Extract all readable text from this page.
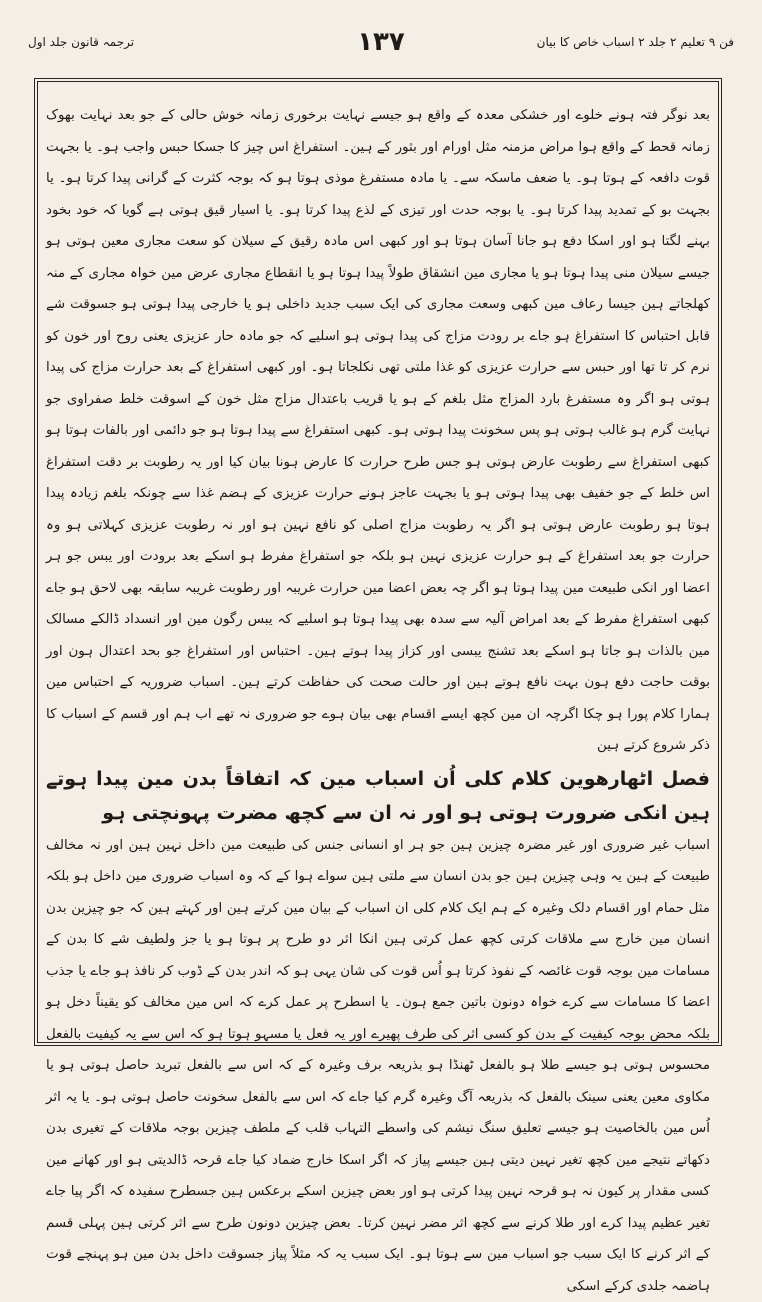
ترجمہ قانون جلد اول	۱۳۷	فن ۹ تعلیم ۲ جلد ۲ اسباب خاص کا بیان

بعد نوگر فتہ ہونے خلوے اور خشکی معدہ کے واقع ہو جیسے نہایت برخوری زمانہ خوش حالی کے جو بعد نہایت بھوک زمانہ قحط کے واقع ہوا مراض مزمنہ مثل اورام اور بثور کے ہین۔ استفراغ اس چیز کا جسکا حبس واجب ہو۔ یا بجہت قوت دافعہ کے ہوتا ہو۔ یا ضعف ماسکہ سے۔ یا مادہ مستفرغ موذی ہوتا ہو کہ بوجہ کثرت کے گرانی پیدا کرتا ہو۔ یا بجہت بو کے تمدید پیدا کرتا ہو۔ یا بوجہ حدت اور تیزی کے لذع پیدا کرتا ہو۔ یا اسیار قیق ہوتی ہے گویا کہ خود بخود بہنے لگتا ہو اور اسکا دفع ہو جانا آسان ہوتا ہو اور کبھی اس مادہ رقیق کے سیلان کو سعت مجاری معین ہوتی ہو جیسے سیلان منی پیدا ہوتا ہو یا مجاری مین انشقاق طولاً پیدا ہوتا ہو یا انقطاع مجاری عرض مین خواہ مجاری کے منہ کھلجاتے ہین جیسا رعاف مین کبھی وسعت مجاری کی ایک سبب جدید داخلی ہو یا خارجی پیدا ہوتی ہو جسوقت شے قابل احتباس کا استفراغ ہو جاے بر رودت مزاج کی پیدا ہوتی ہو اسلیے کہ جو مادہ حار عزیزی یعنی روح اور خون کو نرم کر تا تھا اور حبس سے حرارت عزیزی کو غذا ملتی تھی نکلجاتا ہو۔ اور کبھی استفراغ کے بعد حرارت مزاج کی پیدا ہوتی ہو اگر وہ مستفرغ بارد المزاج مثل بلغم کے ہو یا قریب باعتدال مزاج مثل خون کے اسوقت خلط صفراوی جو نہایت گرم ہو غالب ہوتی ہو پس سخونت پیدا ہوتی ہو۔ کبھی استفراغ سے پیدا ہوتا ہو جو دائمی اور بالفات ہوتا ہو کبھی استفراغ سے رطوبت عارض ہوتی ہو جس طرح حرارت کا عارض ہونا بیان کیا اور یہ رطوبت بر دقت استفراغ اس خلط کے جو خفیف بھی پیدا ہوتی ہو یا بجہت عاجز ہونے حرارت عزیزی کے ہضم غذا سے چونکہ بلغم زیادہ پیدا ہوتا ہو رطوبت عارض ہوتی ہو اگر یہ رطوبت مزاج اصلی کو نافع نہین ہو اور نہ رطوبت عزیزی کہلاتی ہو وہ حرارت جو بعد استفراغ کے ہو حرارت عزیزی نہین ہو بلکہ جو استفراغ مفرط ہو اسکے بعد برودت اور یبس جو ہر اعضا اور انکی طبیعت مین پیدا ہوتا ہو اگر چہ بعض اعضا مین حرارت غریبہ اور رطوبت غریبہ سابقہ بھی لاحق ہو جاے کبھی استفراغ مفرط کے بعد امراض آلیہ سے سدہ بھی پیدا ہوتا ہو اسلیے کہ یبس رگون مین اور انسداد ڈالکے مسالک مین بالذات ہو جاتا ہو اسکے بعد تشنج یبسی اور کزاز پیدا ہوتے ہین۔ احتباس اور استفراغ جو بحد اعتدال ہون اور بوقت حاجت دفع ہون بہت نافع ہوتے ہین اور حالت صحت کی حفاظت کرتے ہین۔ اسباب ضروریہ کے احتباس مین ہمارا کلام پورا ہو چکا اگرچہ ان مین کچھ ایسے اقسام بھی بیان ہوے جو ضروری نہ تھے اب ہم اور قسم کے اسباب کا ذکر شروع کرتے ہین

فصل اٹھارھوین کلام کلی اُن اسباب مین کہ اتفاقاً بدن مین پیدا ہوتے ہین انکی ضرورت ہوتی ہو اور نہ ان سے کچھ مضرت پہونچتی ہو

اسباب غیر ضروری اور غیر مضرہ چیزین ہین جو ہر او انسانی جنس کی طبیعت مین داخل نہین ہین اور نہ مخالف طبیعت کے ہین یہ وہی چیزین ہین جو بدن انسان سے ملتی ہین سواے ہوا کے کہ وہ اسباب ضروری مین داخل ہو بلکہ مثل حمام اور اقسام دلک وغیرہ کے ہم ایک کلام کلی ان اسباب کے بیان مین کرتے ہین اور کہتے ہین کہ جو چیزین بدن انسان مین خارج سے ملاقات کرتی کچھ عمل کرتی ہین انکا اثر دو طرح پر ہوتا ہو یا جز ولطیف شے کا بدن کے مسامات مین بوجہ قوت غائصہ کے نفوذ کرتا ہو اُس قوت کی شان یہی ہو کہ اندر بدن کے ڈوب کر نافذ ہو جاے یا جذب اعضا کا مسامات سے کرے خواہ دونون باتین جمع ہون۔ یا اسطرح پر عمل کرے کہ اس مین مخالف کو یقیناً دخل ہو بلکہ محض بوجہ کیفیت کے بدن کو کسی اثر کی طرف پھیرے اور یہ فعل یا مسہو ہوتا ہو کہ اس سے یہ کیفیت بالفعل محسوس ہوتی ہو جیسے طلا ہو بالفعل ٹھنڈا ہو بذریعہ برف وغیرہ کے کہ اس سے بالفعل تبرید حاصل ہوتی ہو یا مکاوی معین یعنی سینک بالفعل کہ بذریعہ آگ وغیرہ گرم کیا جاے کہ اس سے بالفعل سخونت حاصل ہوتی ہو۔ یا یہ اثر اُس مین بالخاصیت ہو جیسے تعلیق سنگ نیشم کی واسطے التہاب قلب کے ملطف چیزین بوجہ ملاقات کے تغیری بدن دکھاتے نتیجے مین کچھ تغیر نہین دیتی ہین جیسے پیاز کہ اگر اسکا خارج ضماد کیا جاے قرحہ ڈالدیتی ہو اور کھانے مین کسی مقدار پر کیون نہ ہو قرحہ نہین پیدا کرتی ہو اور بعض چیزین اسکے برعکس ہین جسطرح سفیدہ کہ اگر پیا جاے تغیر عظیم پیدا کرے اور طلا کرنے سے کچھ اثر مضر نہین کرتا۔ بعض چیزین دونون طرح سے اثر کرتی ہین پہلی قسم کے اثر کرنے کا ایک سبب جو اسباب مین سے ہوتا ہو۔ ایک سبب یہ کہ مثلاً پیاز جسوقت داخل بدن مین ہو پہنچے قوت ہاضمہ جلدی کرکے اسکی
